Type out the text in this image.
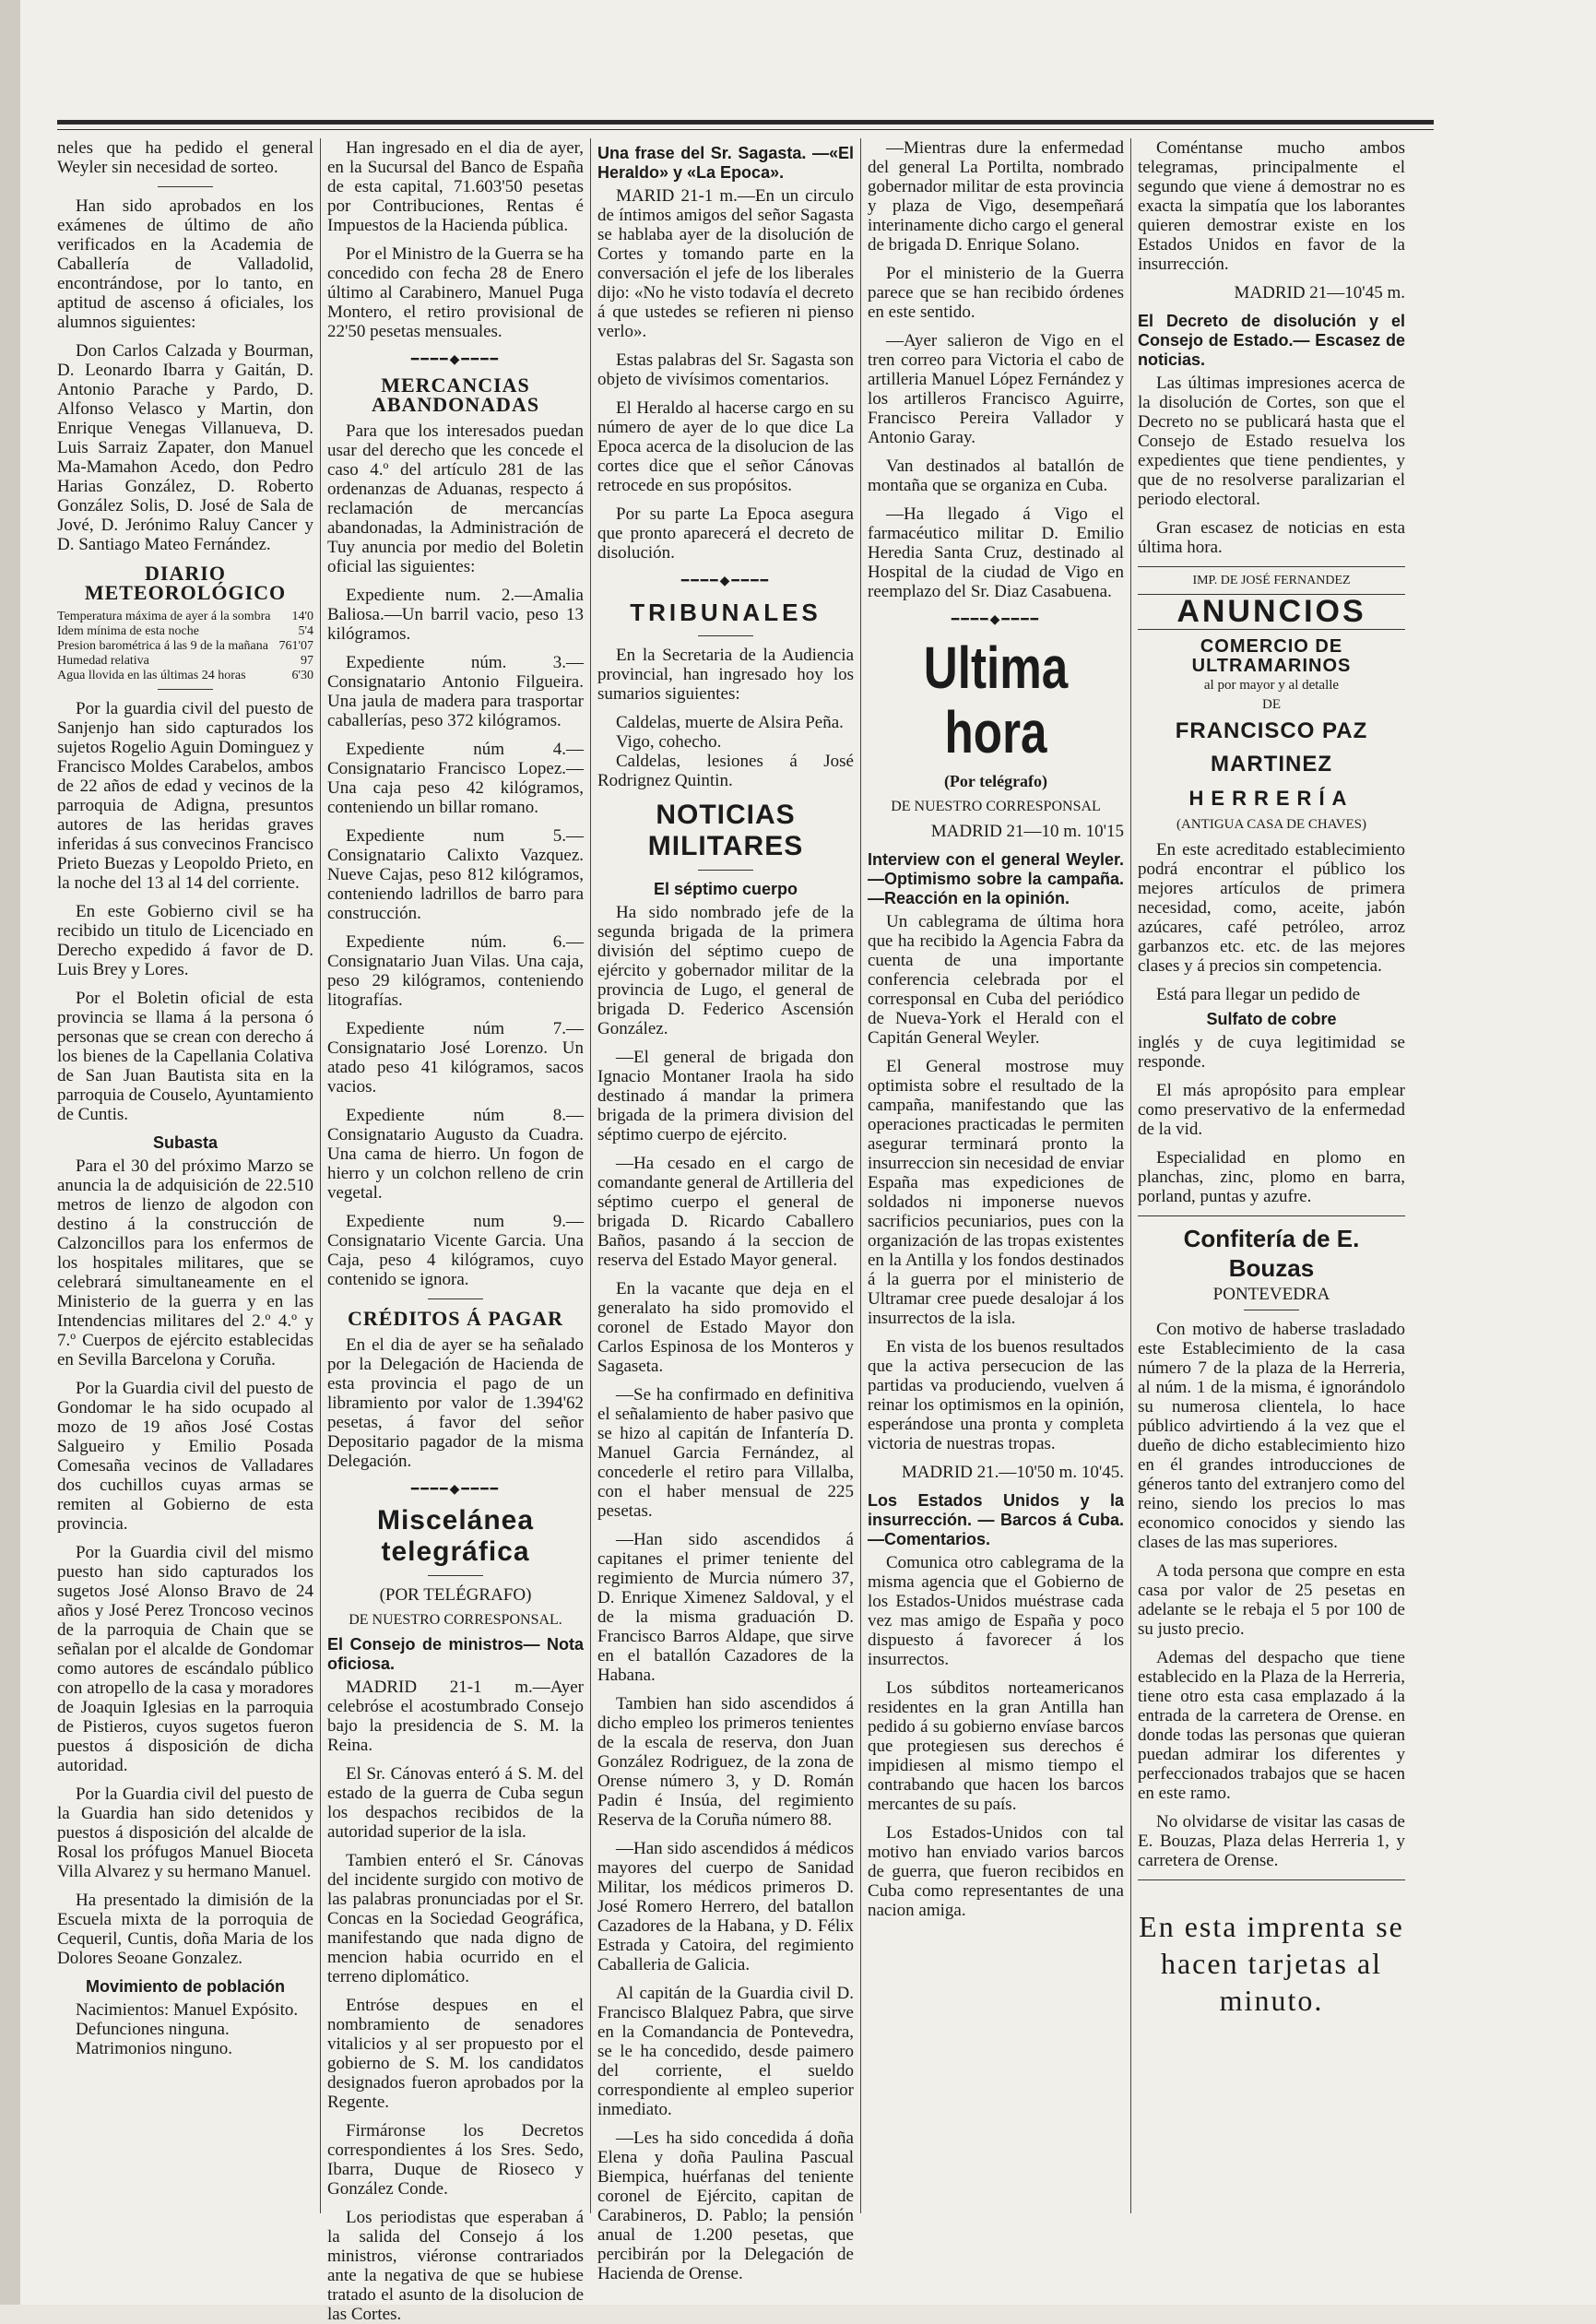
neles que ha pedido el general Weyler sin necesidad de sorteo.

Han sido aprobados en los exámenes de último de año verificados en la Academia de Caballería de Valladolid, encontrándose, por lo tanto, en aptitud de ascenso á oficiales, los alumnos siguientes:

Don Carlos Calzada y Bourman, D. Leonardo Ibarra y Gaitán, D. Antonio Parache y Pardo, D. Alfonso Velasco y Martin, don Enrique Venegas Villanueva, D. Luis Sarraiz Zapater, don Manuel Ma-Mamahon Acedo, don Pedro Harias González, D. Roberto González Solis, D. José de Sala de Jové, D. Jerónimo Raluy Cancer y D. Santiago Mateo Fernández.

DIARIO METEOROLÓGICO
Temperatura máxima de ayer á la sombra 14'0
Idem mínima de esta noche	5'4
Presion barométrica á las 9 de la mañana 761'07
Humedad relativa	97
Agua llovida en las últimas 24 horas	6'30

Por la guardia civil del puesto de Sanjenjo han sido capturados los sujetos Rogelio Aguin Dominguez y Francisco Moldes Carabelos, ambos de 22 años de edad y vecinos de la parroquia de Adigna, presuntos autores de las heridas graves inferidas á sus convecinos Francisco Prieto Buezas y Leopoldo Prieto, en la noche del 13 al 14 del corriente.

En este Gobierno civil se ha recibido un titulo de Licenciado en Derecho expedido á favor de D. Luis Brey y Lores.

Por el Boletin oficial de esta provincia se llama á la persona ó personas que se crean con derecho á los bienes de la Capellania Colativa de San Juan Bautista sita en la parroquia de Couselo, Ayuntamiento de Cuntis.

Subasta

Para el 30 del próximo Marzo se anuncia la de adquisición de 22.510 metros de lienzo de algodon con destino á la construcción de Calzoncillos para los enfermos de los hospitales militares, que se celebrará simultaneamente en el Ministerio de la guerra y en las Intendencias militares del 2.º 4.º y 7.º Cuerpos de ejército establecidas en Sevilla Barcelona y Coruña.

Por la Guardia civil del puesto de Gondomar le ha sido ocupado al mozo de 19 años José Costas Salgueiro y Emilio Posada Comesaña vecinos de Valladares dos cuchillos cuyas armas se remiten al Gobierno de esta provincia.

Por la Guardia civil del mismo puesto han sido capturados los sugetos José Alonso Bravo de 24 años y José Perez Troncoso vecinos de la parroquia de Chain que se señalan por el alcalde de Gondomar como autores de escándalo público con atropello de la casa y moradores de Joaquin Iglesias en la parroquia de Pistieros, cuyos sugetos fueron puestos á disposición de dicha autoridad.

Por la Guardia civil del puesto de la Guardia han sido detenidos y puestos á disposición del alcalde de Rosal los prófugos Manuel Bioceta Villa Alvarez y su hermano Manuel.

Ha presentado la dimisión de la Escuela mixta de la porroquia de Cequeril, Cuntis, doña Maria de los Dolores Seoane Gonzalez.

Movimiento de población

Nacimientos: Manuel Expósito.

Defunciones ninguna.

Matrimonios ninguno.

Han ingresado en el dia de ayer, en la Sucursal del Banco de España de esta capital, 71.603'50 pesetas por Contribuciones, Rentas é Impuestos de la Hacienda pública.

Por el Ministro de la Guerra se ha concedido con fecha 28 de Enero último al Carabinero, Manuel Puga Montero, el retiro provisional de 22'50 pesetas mensuales.

━━━━◆━━━━
MERCANCIAS ABANDONADAS

Para que los interesados puedan usar del derecho que les concede el caso 4.º del artículo 281 de las ordenanzas de Aduanas, respecto á reclamación de mercancías abandonadas, la Administración de Tuy anuncia por medio del Boletin oficial las siguientes:

Expediente num. 2.—Amalia Baliosa.—Un barril vacio, peso 13 kilógramos.

Expediente núm. 3.—Consignatario Antonio Filgueira. Una jaula de madera para trasportar caballerías, peso 372 kilógramos.

Expediente núm 4.—Consignatario Francisco Lopez.—Una caja peso 42 kilógramos, conteniendo un billar romano.

Expediente num 5.—Consignatario Calixto Vazquez. Nueve Cajas, peso 812 kilógramos, conteniendo ladrillos de barro para construcción.

Expediente núm. 6.—Consignatario Juan Vilas. Una caja, peso 29 kilógramos, conteniendo litografías.

Expediente núm 7.—Consignatario José Lorenzo. Un atado peso 41 kilógramos, sacos vacios.

Expediente núm 8.—Consignatario Augusto da Cuadra. Una cama de hierro. Un fogon de hierro y un colchon relleno de crin vegetal.

Expediente num 9.—Consignatario Vicente Garcia. Una Caja, peso 4 kilógramos, cuyo contenido se ignora.

CRÉDITOS Á PAGAR

En el dia de ayer se ha señalado por la Delegación de Hacienda de esta provincia el pago de un libramiento por valor de 1.394'62 pesetas, á favor del señor Depositario pagador de la misma Delegación.

━━━━◆━━━━
Miscelánea telegráfica
(POR TELÉGRAFO)
DE NUESTRO CORRESPONSAL.
El Consejo de ministros— Nota oficiosa.

MADRID 21-1 m.—Ayer celebróse el acostumbrado Consejo bajo la presidencia de S. M. la Reina.

El Sr. Cánovas enteró á S. M. del estado de la guerra de Cuba segun los despachos recibidos de la autoridad superior de la isla.

Tambien enteró el Sr. Cánovas del incidente surgido con motivo de las palabras pronunciadas por el Sr. Concas en la Sociedad Geográfica, manifestando que nada digno de mencion habia ocurrido en el terreno diplomático.

Entróse despues en el nombramiento de senadores vitalicios y al ser propuesto por el gobierno de S. M. los candidatos designados fueron aprobados por la Regente.

Firmáronse los Decretos correspondientes á los Sres. Sedo, Ibarra, Duque de Rioseco y González Conde.

Los periodistas que esperaban á la salida del Consejo á los ministros, viéronse contrariados ante la negativa de que se hubiese tratado el asunto de la disolucion de las Cortes.

Una frase del Sr. Sagasta. —«El Heraldo» y «La Epoca».

MARID 21-1 m.—En un circulo de íntimos amigos del señor Sagasta se hablaba ayer de la disolución de Cortes y tomando parte en la conversación el jefe de los liberales dijo: «No he visto todavía el decreto á que ustedes se refieren ni pienso verlo».

Estas palabras del Sr. Sagasta son objeto de vivísimos comentarios.

El Heraldo al hacerse cargo en su número de ayer de lo que dice La Epoca acerca de la disolucion de las cortes dice que el señor Cánovas retrocede en sus propósitos.

Por su parte La Epoca asegura que pronto aparecerá el decreto de disolución.

━━━━◆━━━━
TRIBUNALES

En la Secretaria de la Audiencia provincial, han ingresado hoy los sumarios siguientes:

Caldelas, muerte de Alsira Peña.

Vigo, cohecho.

Caldelas, lesiones á José Rodrignez Quintin.

NOTICIAS MILITARES
El séptimo cuerpo

Ha sido nombrado jefe de la segunda brigada de la primera división del séptimo cuepo de ejército y gobernador militar de la provincia de Lugo, el general de brigada D. Federico Ascensión González.

—El general de brigada don Ignacio Montaner Iraola ha sido destinado á mandar la primera brigada de la primera division del séptimo cuerpo de ejército.

—Ha cesado en el cargo de comandante general de Artilleria del séptimo cuerpo el general de brigada D. Ricardo Caballero Baños, pasando á la seccion de reserva del Estado Mayor general.

En la vacante que deja en el generalato ha sido promovido el coronel de Estado Mayor don Carlos Espinosa de los Monteros y Sagaseta.

—Se ha confirmado en definitiva el señalamiento de haber pasivo que se hizo al capitán de Infantería D. Manuel Garcia Fernández, al concederle el retiro para Villalba, con el haber mensual de 225 pesetas.

—Han sido ascendidos á capitanes el primer teniente del regimiento de Murcia número 37, D. Enrique Ximenez Saldoval, y el de la misma graduación D. Francisco Barros Aldape, que sirve en el batallón Cazadores de la Habana.

Tambien han sido ascendidos á dicho empleo los primeros tenientes de la escala de reserva, don Juan González Rodriguez, de la zona de Orense número 3, y D. Román Padin é Insúa, del regimiento Reserva de la Coruña número 88.

—Han sido ascendidos á médicos mayores del cuerpo de Sanidad Militar, los médicos primeros D. José Romero Herrero, del batallon Cazadores de la Habana, y D. Félix Estrada y Catoira, del regimiento Caballeria de Galicia.

Al capitán de la Guardia civil D. Francisco Blalquez Pabra, que sirve en la Comandancia de Pontevedra, se le ha concedido, desde paimero del corriente, el sueldo correspondiente al empleo superior inmediato.

—Les ha sido concedida á doña Elena y doña Paulina Pascual Biempica, huérfanas del teniente coronel de Ejército, capitan de Carabineros, D. Pablo; la pensión anual de 1.200 pesetas, que percibirán por la Delegación de Hacienda de Orense.

—Mientras dure la enfermedad del general La Portilta, nombrado gobernador militar de esta provincia y plaza de Vigo, desempeñará interinamente dicho cargo el general de brigada D. Enrique Solano.

Por el ministerio de la Guerra parece que se han recibido órdenes en este sentido.

—Ayer salieron de Vigo en el tren correo para Victoria el cabo de artilleria Manuel López Fernández y los artilleros Francisco Aguirre, Francisco Pereira Vallador y Antonio Garay.

Van destinados al batallón de montaña que se organiza en Cuba.

—Ha llegado á Vigo el farmacéutico militar D. Emilio Heredia Santa Cruz, destinado al Hospital de la ciudad de Vigo en reemplazo del Sr. Diaz Casabuena.

━━━━◆━━━━
Ultima hora
(Por telégrafo)
DE NUESTRO CORRESPONSAL

MADRID 21—10 m. 10'15

Interview con el general Weyler.—Optimismo sobre la campaña.—Reacción en la opinión.

Un cablegrama de última hora que ha recibido la Agencia Fabra da cuenta de una importante conferencia celebrada por el corresponsal en Cuba del periódico de Nueva-York el Herald con el Capitán General Weyler.

El General mostrose muy optimista sobre el resultado de la campaña, manifestando que las operaciones practicadas le permiten asegurar terminará pronto la insurreccion sin necesidad de enviar España mas expediciones de soldados ni imponerse nuevos sacrificios pecuniarios, pues con la organización de las tropas existentes en la Antilla y los fondos destinados á la guerra por el ministerio de Ultramar cree puede desalojar á los insurrectos de la isla.

En vista de los buenos resultados que la activa persecucion de las partidas va produciendo, vuelven á reinar los optimismos en la opinión, esperándose una pronta y completa victoria de nuestras tropas.

MADRID 21.—10'50 m. 10'45.

Los Estados Unidos y la insurrección. — Barcos á Cuba.—Comentarios.

Comunica otro cablegrama de la misma agencia que el Gobierno de los Estados-Unidos muéstrase cada vez mas amigo de España y poco dispuesto á favorecer á los insurrectos.

Los súbditos norteamericanos residentes en la gran Antilla han pedido á su gobierno envíase barcos que protegiesen sus derechos é impidiesen al mismo tiempo el contrabando que hacen los barcos mercantes de su país.

Los Estados-Unidos con tal motivo han enviado varios barcos de guerra, que fueron recibidos en Cuba como representantes de una nacion amiga.

Coméntanse mucho ambos telegramas, principalmente el segundo que viene á demostrar no es exacta la simpatía que los laborantes quieren demostrar existe en los Estados Unidos en favor de la insurrección.

MADRID 21—10'45 m.

El Decreto de disolución y el Consejo de Estado.— Escasez de noticias.

Las últimas impresiones acerca de la disolución de Cortes, son que el Decreto no se publicará hasta que el Consejo de Estado resuelva los expedientes que tiene pendientes, y que de no resolverse paralizarian el periodo electoral.

Gran escasez de noticias en esta última hora.

IMP. DE JOSÉ FERNANDEZ
ANUNCIOS
COMERCIO DE ULTRAMARINOS
al por mayor y al detalle
DE
FRANCISCO PAZ MARTINEZ
HERRERÍA
(ANTIGUA CASA DE CHAVES)

En este acreditado establecimiento podrá encontrar el público los mejores artículos de primera necesidad, como, aceite, jabón azúcares, café petróleo, arroz garbanzos etc. etc. de las mejores clases y á precios sin competencia.

Está para llegar un pedido de

Sulfato de cobre

inglés y de cuya legitimidad se responde.

El más apropósito para emplear como preservativo de la enfermedad de la vid.

Especialidad en plomo en planchas, zinc, plomo en barra, porland, puntas y azufre.

Confitería de E. Bouzas
PONTEVEDRA

Con motivo de haberse trasladado este Establecimiento de la casa número 7 de la plaza de la Herreria, al núm. 1 de la misma, é ignorándolo su numerosa clientela, lo hace público advirtiendo á la vez que el dueño de dicho establecimiento hizo en él grandes introducciones de géneros tanto del extranjero como del reino, siendo los precios lo mas economico conocidos y siendo las clases de las mas superiores.

A toda persona que compre en esta casa por valor de 25 pesetas en adelante se le rebaja el 5 por 100 de su justo precio.

Ademas del despacho que tiene establecido en la Plaza de la Herreria, tiene otro esta casa emplazado á la entrada de la carretera de Orense. en donde todas las personas que quieran puedan admirar los diferentes y perfeccionados trabajos que se hacen en este ramo.

No olvidarse de visitar las casas de E. Bouzas, Plaza delas Herreria 1, y carretera de Orense.

En esta imprenta se hacen tarjetas al minuto.
